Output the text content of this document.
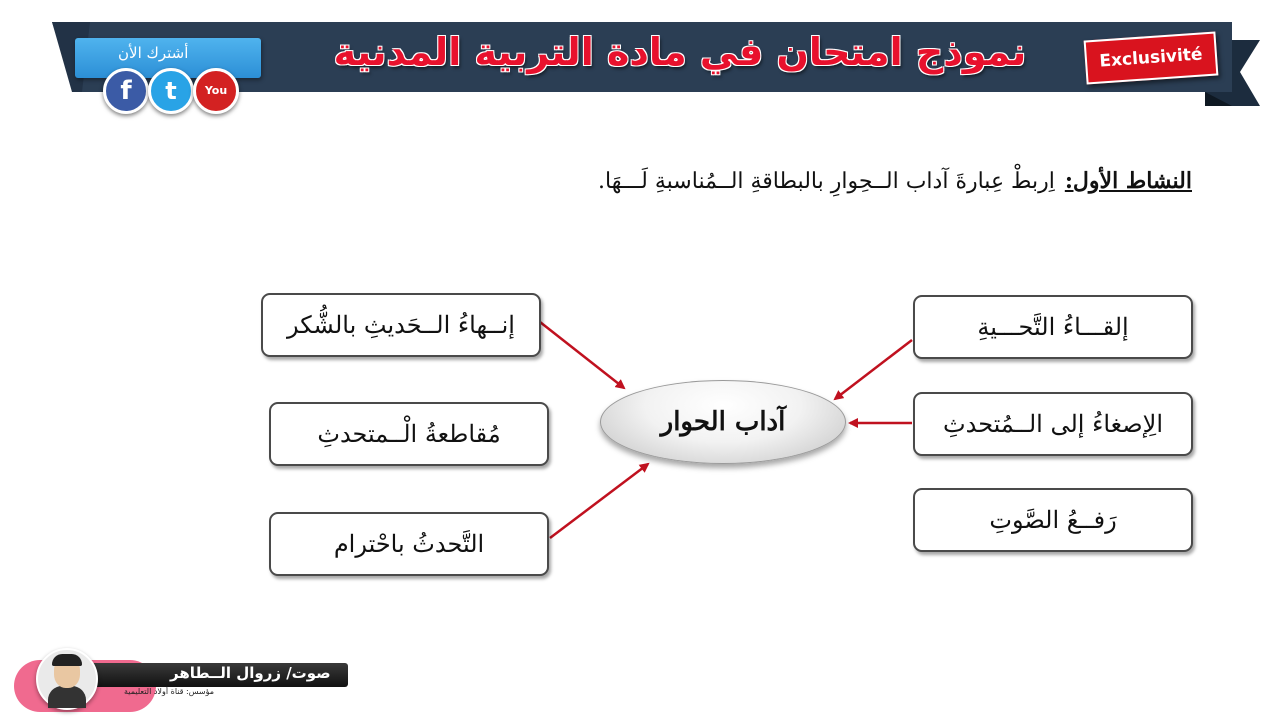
نموذج امتحان في مادة التربية المدنية	Exclusivité
أشترك الأن
f	t	You Tube
النشاط الأول:اِربطْ عِبارةَ آداب الــحِوارِ بالبطاقةِ الــمُناسبةِ لَـــهَا.
إلقـــاءُ التَّحـــيةِ
الِإصغاءُ إلى الــمُتحدثِ
رَفــعُ الصَّوتِ
إنــهاءُ الــحَديثِ بالشُّكر
مُقاطعةُ الْــمتحدثِ
التَّحدثُ باحْترام
آداب الحوار
صوت/ زروال الــطاهر
مؤسس: قناة أولاد التعليمية
